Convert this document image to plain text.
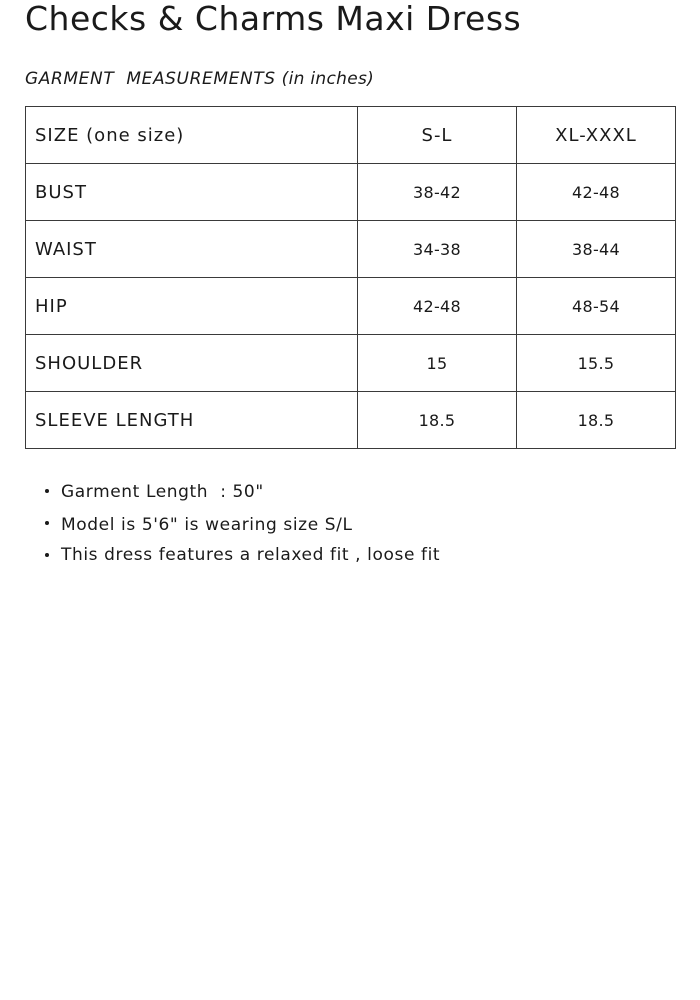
Checks & Charms Maxi Dress

GARMENT  MEASUREMENTS (in inches)

SIZE (one size)	S-L	XL-XXXL
BUST	38-42	42-48
WAIST	34-38	38-44
HIP	42-48	48-54
SHOULDER	15	15.5
SLEEVE LENGTH	18.5	18.5
Garment Length  : 50"
Model is 5'6" is wearing size S/L
This dress features a relaxed fit , loose fit
